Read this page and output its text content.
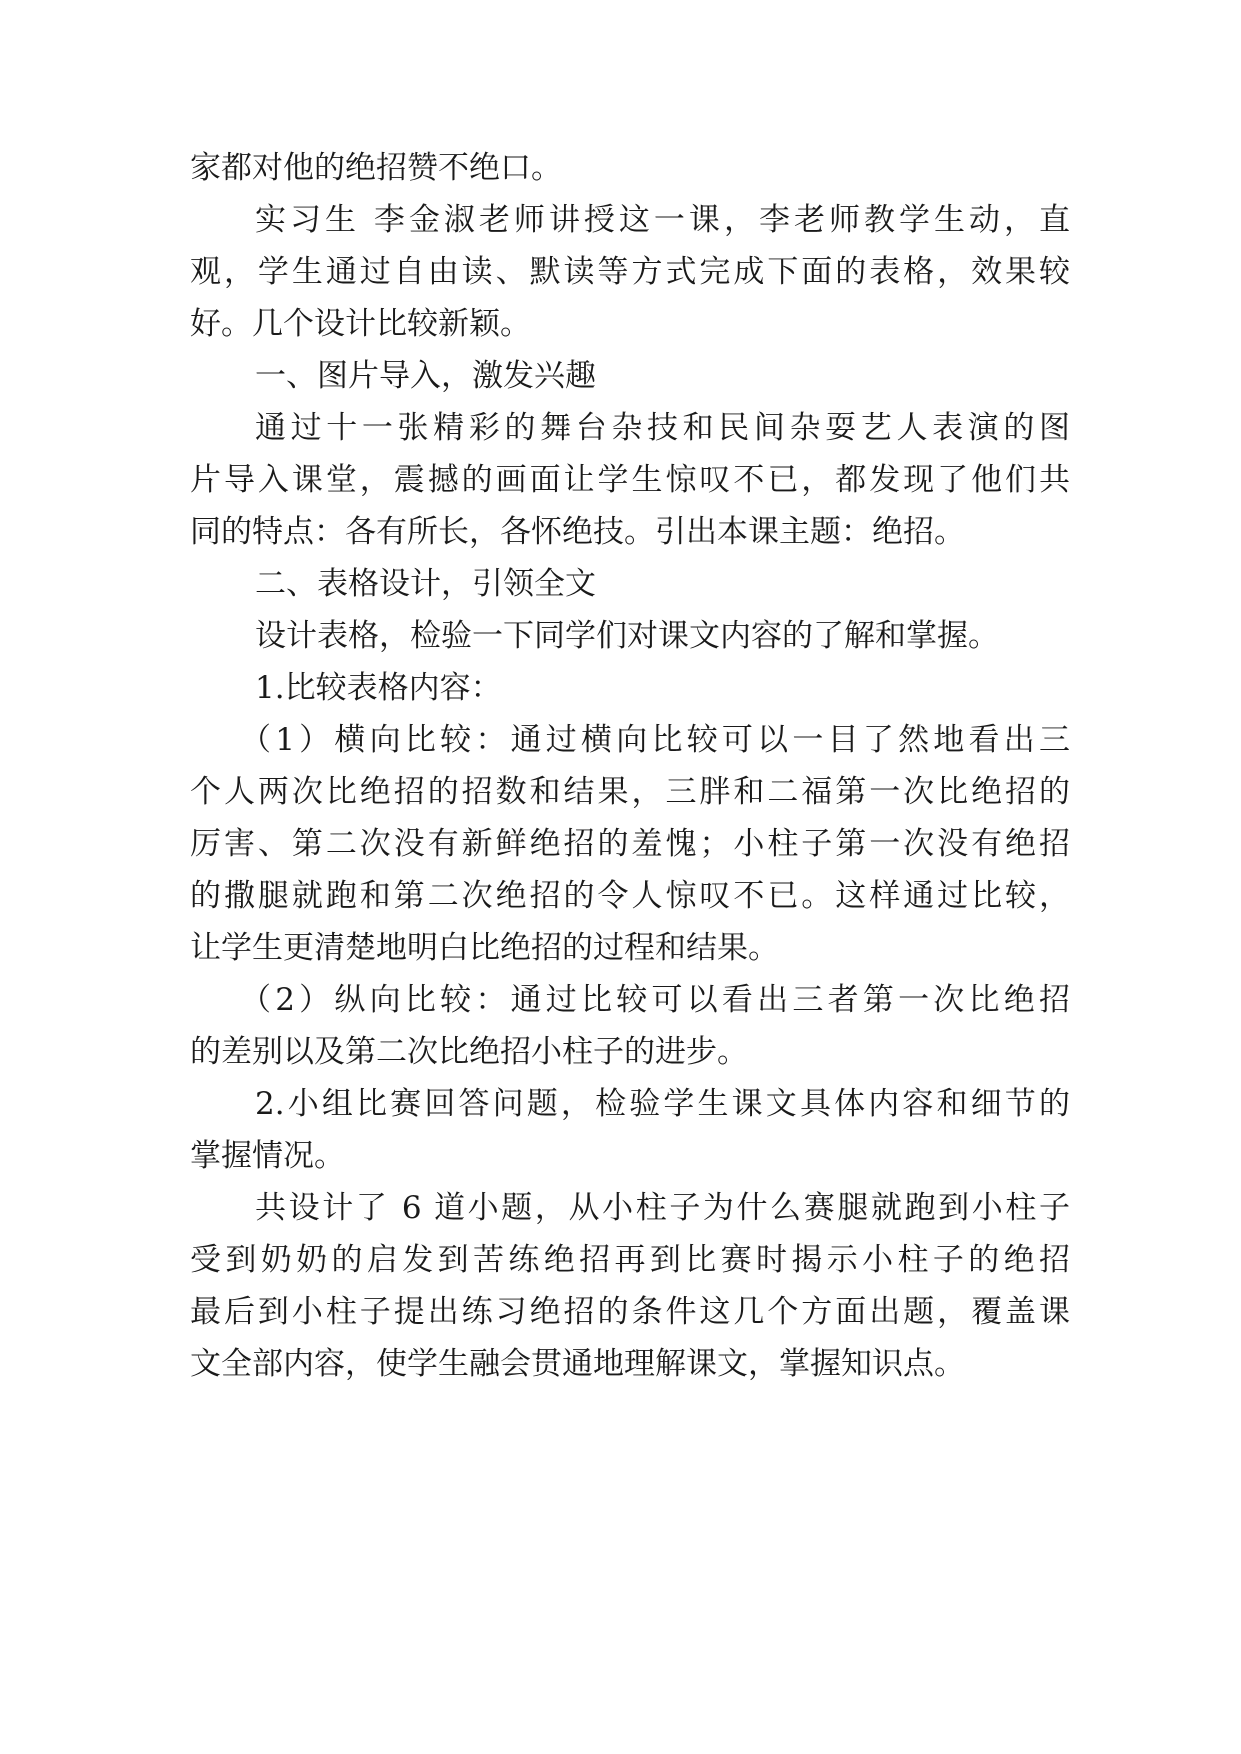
家都对他的绝招赞不绝口。

实习生 李金淑老师讲授这一课，李老师教学生动，直

观，学生通过自由读、默读等方式完成下面的表格，效果较

好。几个设计比较新颖。

一、图片导入，激发兴趣

通过十一张精彩的舞台杂技和民间杂耍艺人表演的图

片导入课堂，震撼的画面让学生惊叹不已，都发现了他们共

同的特点：各有所长，各怀绝技。引出本课主题：绝招。

二、表格设计，引领全文

设计表格，检验一下同学们对课文内容的了解和掌握。

1.比较表格内容：

（1）横向比较：通过横向比较可以一目了然地看出三

个人两次比绝招的招数和结果，三胖和二福第一次比绝招的

厉害、第二次没有新鲜绝招的羞愧；小柱子第一次没有绝招

的撒腿就跑和第二次绝招的令人惊叹不已。这样通过比较，

让学生更清楚地明白比绝招的过程和结果。

（2）纵向比较：通过比较可以看出三者第一次比绝招

的差别以及第二次比绝招小柱子的进步。

2.小组比赛回答问题，检验学生课文具体内容和细节的

掌握情况。

共设计了 6 道小题，从小柱子为什么赛腿就跑到小柱子

受到奶奶的启发到苦练绝招再到比赛时揭示小柱子的绝招

最后到小柱子提出练习绝招的条件这几个方面出题，覆盖课

文全部内容，使学生融会贯通地理解课文，掌握知识点。
